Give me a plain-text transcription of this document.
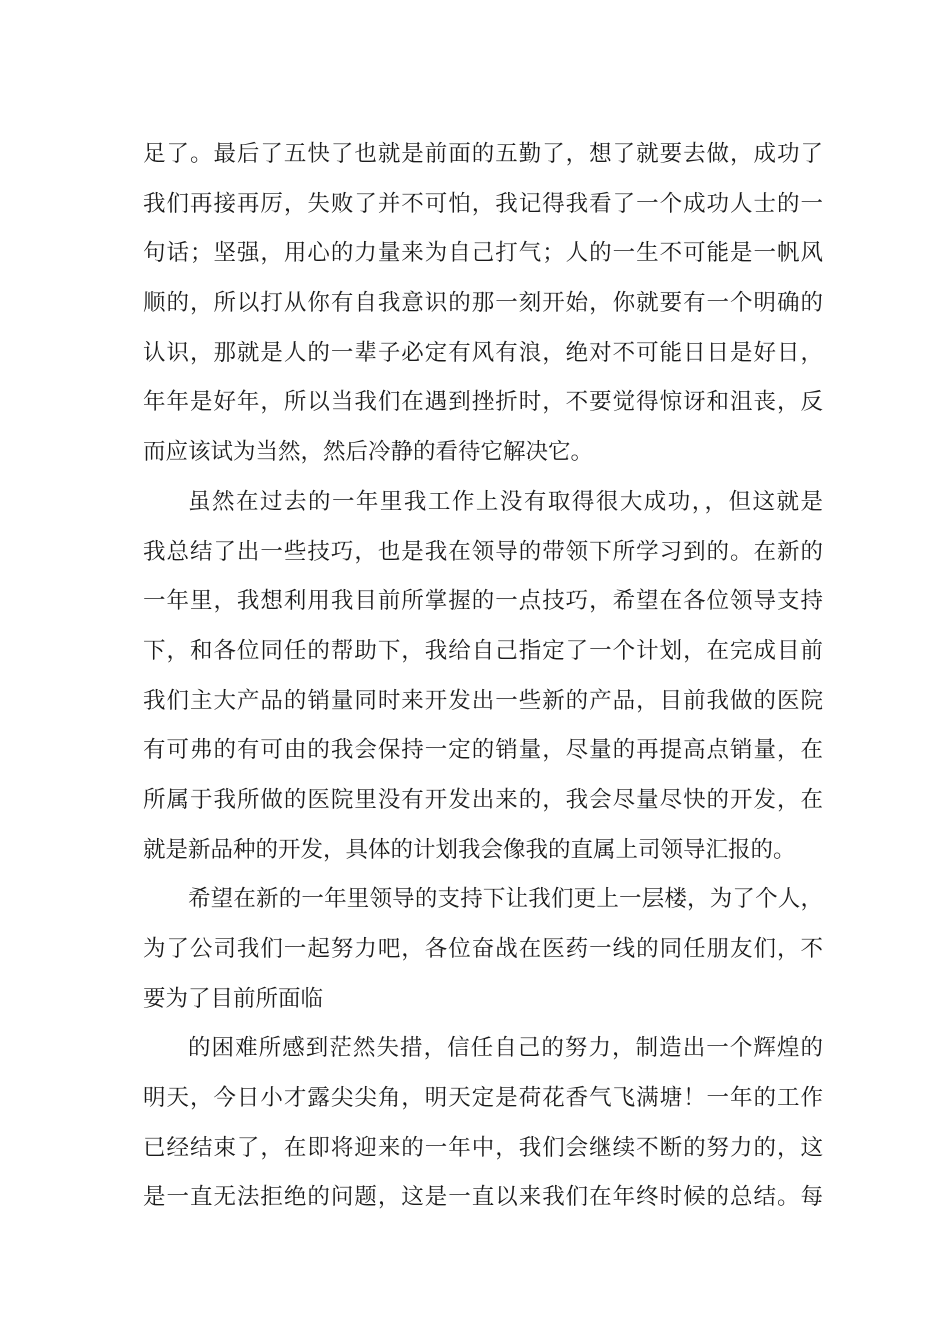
足了。最后了五快了也就是前面的五勤了，想了就要去做，成功了
我们再接再厉，失败了并不可怕，我记得我看了一个成功人士的一
句话；坚强，用心的力量来为自己打气；人的一生不可能是一帆风
顺的，所以打从你有自我意识的那一刻开始，你就要有一个明确的
认识，那就是人的一辈子必定有风有浪，绝对不可能日日是好日，
年年是好年，所以当我们在遇到挫折时，不要觉得惊讶和沮丧，反
而应该试为当然，然后冷静的看待它解决它。
虽然在过去的一年里我工作上没有取得很大成功，，但这就是
我总结了出一些技巧，也是我在领导的带领下所学习到的。在新的
一年里，我想利用我目前所掌握的一点技巧，希望在各位领导支持
下，和各位同任的帮助下，我给自己指定了一个计划，在完成目前
我们主大产品的销量同时来开发出一些新的产品，目前我做的医院
有可弗的有可由的我会保持一定的销量，尽量的再提高点销量，在
所属于我所做的医院里没有开发出来的，我会尽量尽快的开发，在
就是新品种的开发，具体的计划我会像我的直属上司领导汇报的。
希望在新的一年里领导的支持下让我们更上一层楼，为了个人，
为了公司我们一起努力吧，各位奋战在医药一线的同任朋友们，不
要为了目前所面临
的困难所感到茫然失措，信任自己的努力，制造出一个辉煌的
明天，今日小才露尖尖角，明天定是荷花香气飞满塘！一年的工作
已经结束了，在即将迎来的一年中，我们会继续不断的努力的，这
是一直无法拒绝的问题，这是一直以来我们在年终时候的总结。每
